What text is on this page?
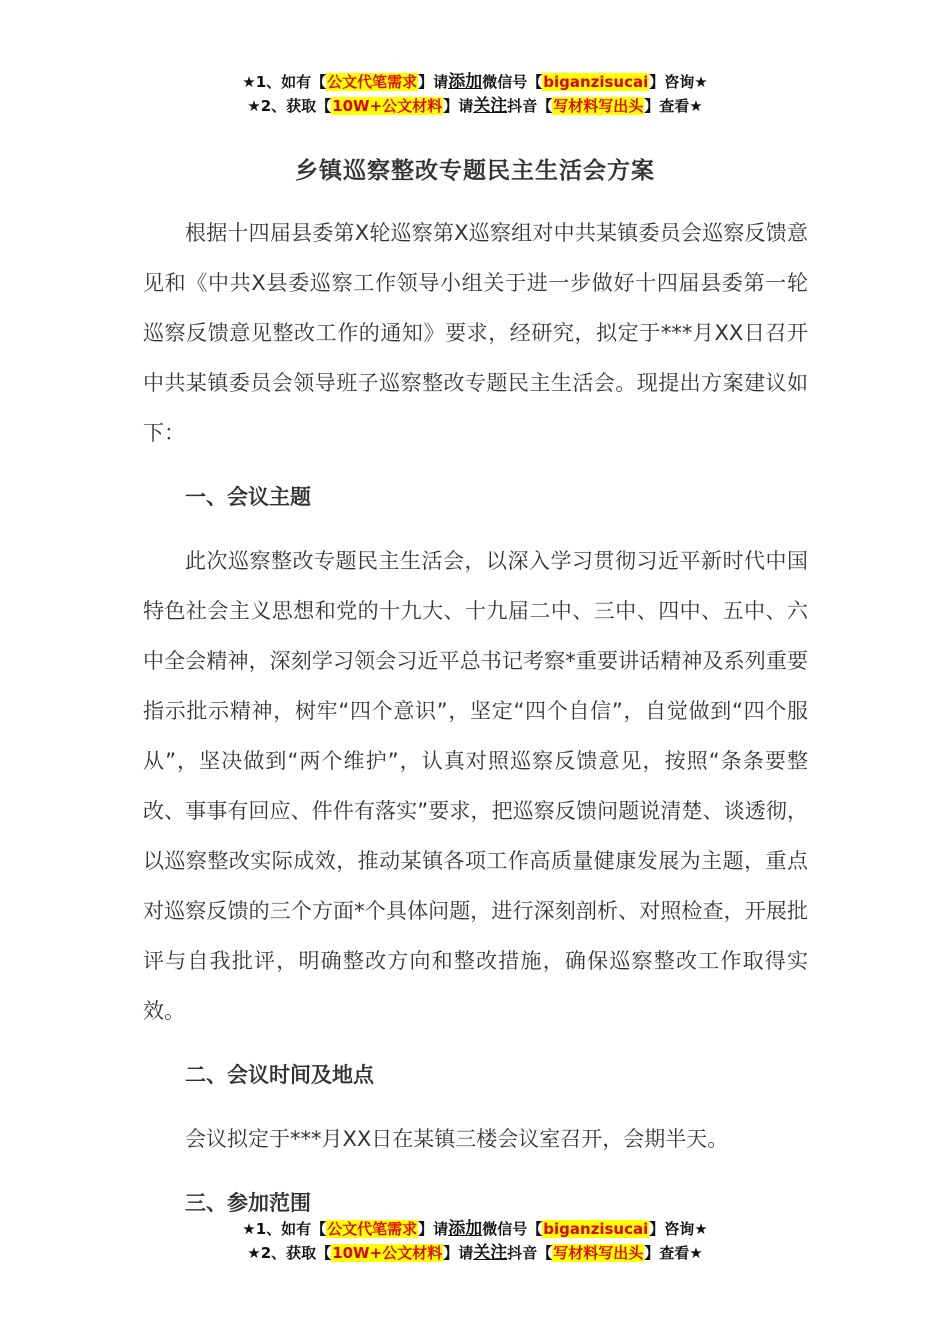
★1、如有【公文代笔需求】请添加微信号【biganzisucai】咨询★
★2、获取【10W+公文材料】请关注抖音【写材料写出头】查看★
乡镇巡察整改专题民主生活会方案

根据十四届县委第X轮巡察第X巡察组对中共某镇委员会巡察反馈意见和《中共X县委巡察工作领导小组关于进一步做好十四届县委第一轮巡察反馈意见整改工作的通知》要求，经研究，拟定于***月XX日召开中共某镇委员会领导班子巡察整改专题民主生活会。现提出方案建议如下：

一、会议主题

此次巡察整改专题民主生活会，以深入学习贯彻习近平新时代中国特色社会主义思想和党的十九大、十九届二中、三中、四中、五中、六中全会精神，深刻学习领会习近平总书记考察*重要讲话精神及系列重要指示批示精神，树牢“四个意识”，坚定“四个自信”，自觉做到“四个服从”，坚决做到“两个维护”，认真对照巡察反馈意见，按照“条条要整改、事事有回应、件件有落实”要求，把巡察反馈问题说清楚、谈透彻，以巡察整改实际成效，推动某镇各项工作高质量健康发展为主题，重点对巡察反馈的三个方面*个具体问题，进行深刻剖析、对照检查，开展批评与自我批评，明确整改方向和整改措施，确保巡察整改工作取得实效。

二、会议时间及地点

会议拟定于***月XX日在某镇三楼会议室召开，会期半天。

三、参加范围

★1、如有【公文代笔需求】请添加微信号【biganzisucai】咨询★
★2、获取【10W+公文材料】请关注抖音【写材料写出头】查看★
